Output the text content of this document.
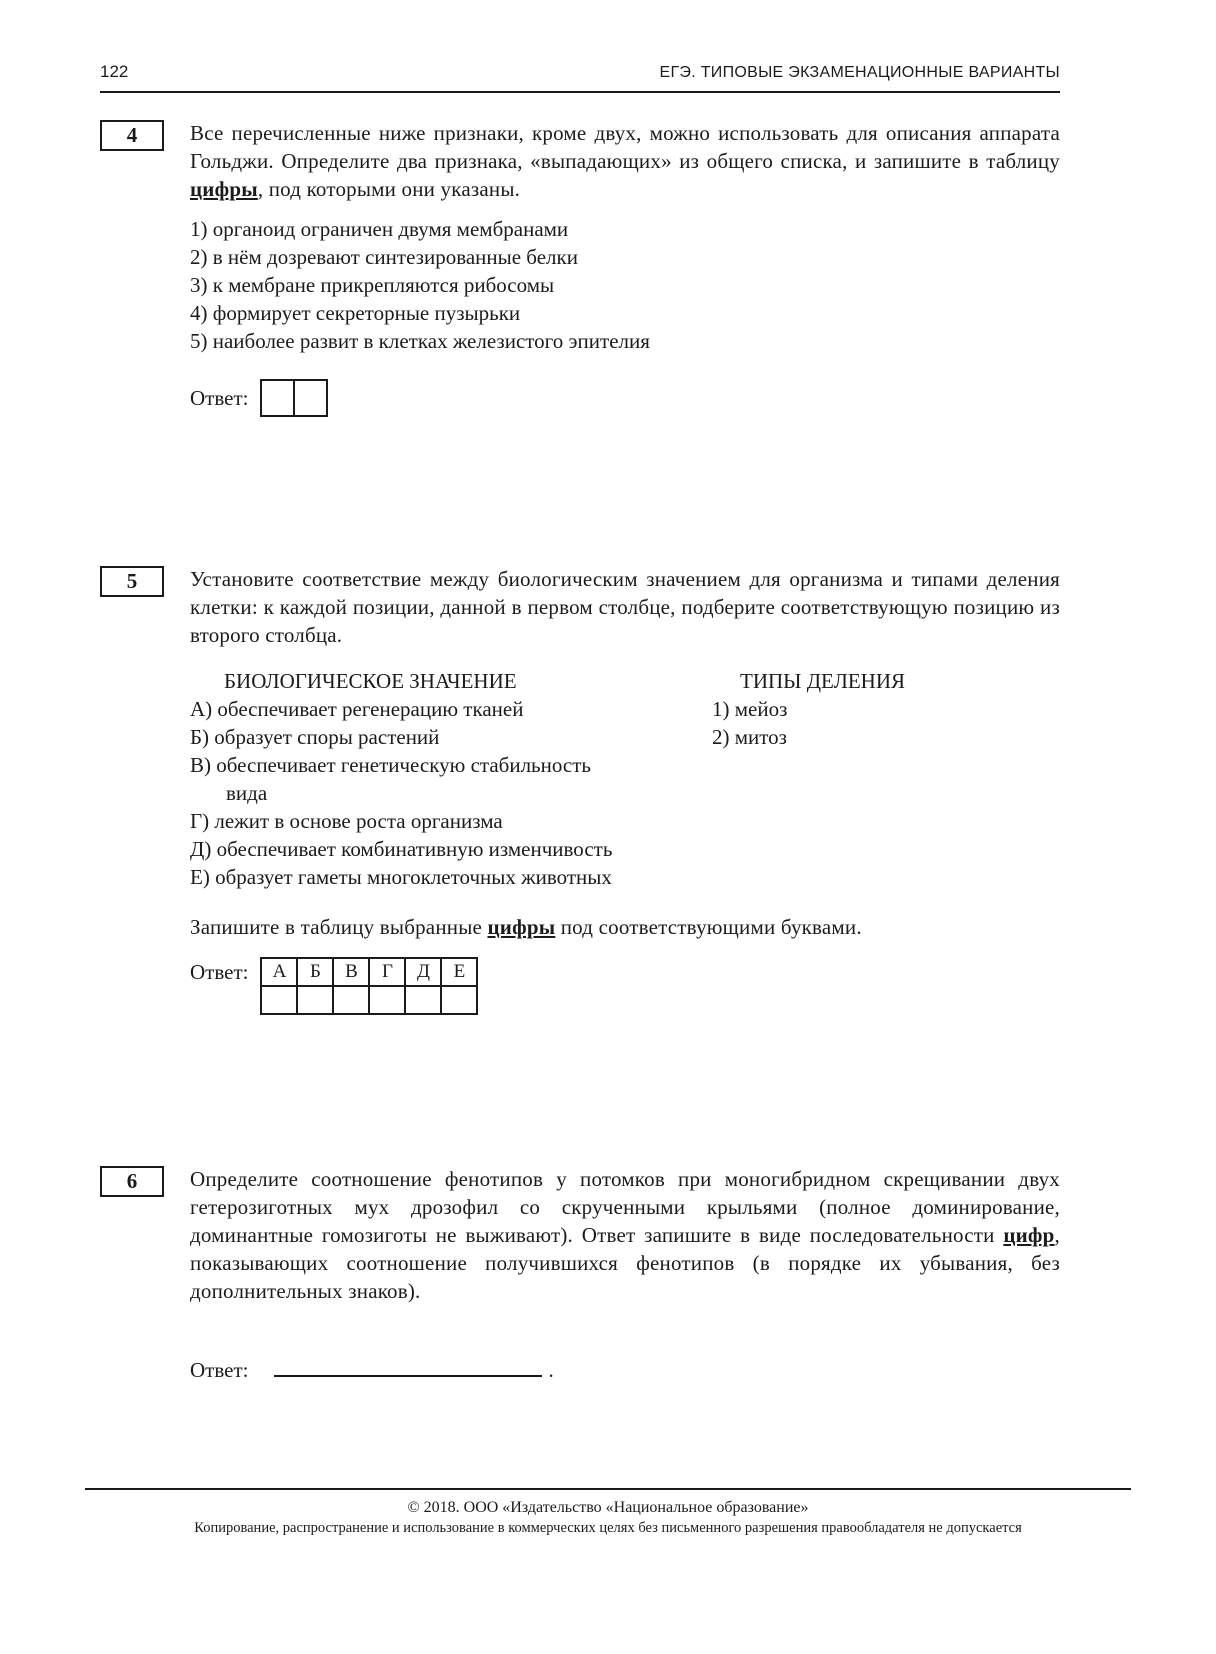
122	ЕГЭ. ТИПОВЫЕ ЭКЗАМЕНАЦИОННЫЕ ВАРИАНТЫ
4	Все перечисленные ниже признаки, кроме двух, можно использовать для описания аппарата Гольджи. Определите два признака, «выпадающих» из общего списка, и запишите в таблицу цифры, под которыми они указаны.

1) органоид ограничен двумя мембранами
2) в нём дозревают синтезированные белки
3) к мембране прикрепляются рибосомы
4) формирует секреторные пузырьки
5) наиболее развит в клетках железистого эпителия
Ответ:
5	Установите соответствие между биологическим значением для организма и типами деления клетки: к каждой позиции, данной в первом столбце, подберите соответствующую позицию из второго столбца.

БИОЛОГИЧЕСКОЕ ЗНАЧЕНИЕ
А) обеспечивает регенерацию тканей
Б) образует споры растений
В) обеспечивает генетическую стабильность вида
Г) лежит в основе роста организма
Д) обеспечивает комбинативную изменчивость
Е) образует гаметы многоклеточных животных
ТИПЫ ДЕЛЕНИЯ
1) мейоз
2) митоз

Запишите в таблицу выбранные цифры под соответствующими буквами.

Ответ: А	Б	В	Г	Д	Е

6	Определите соотношение фенотипов у потомков при моногибридном скрещивании двух гетерозиготных мух дрозофил со скрученными крыльями (полное доминирование, доминантные гомозиготы не выживают). Ответ запишите в виде последовательности цифр, показывающих соотношение получившихся фенотипов (в порядке их убывания, без дополнительных знаков).

Ответ:	.
© 2018. ООО «Издательство «Национальное образование»
Копирование, распространение и использование в коммерческих целях без письменного разрешения правообладателя не допускается
